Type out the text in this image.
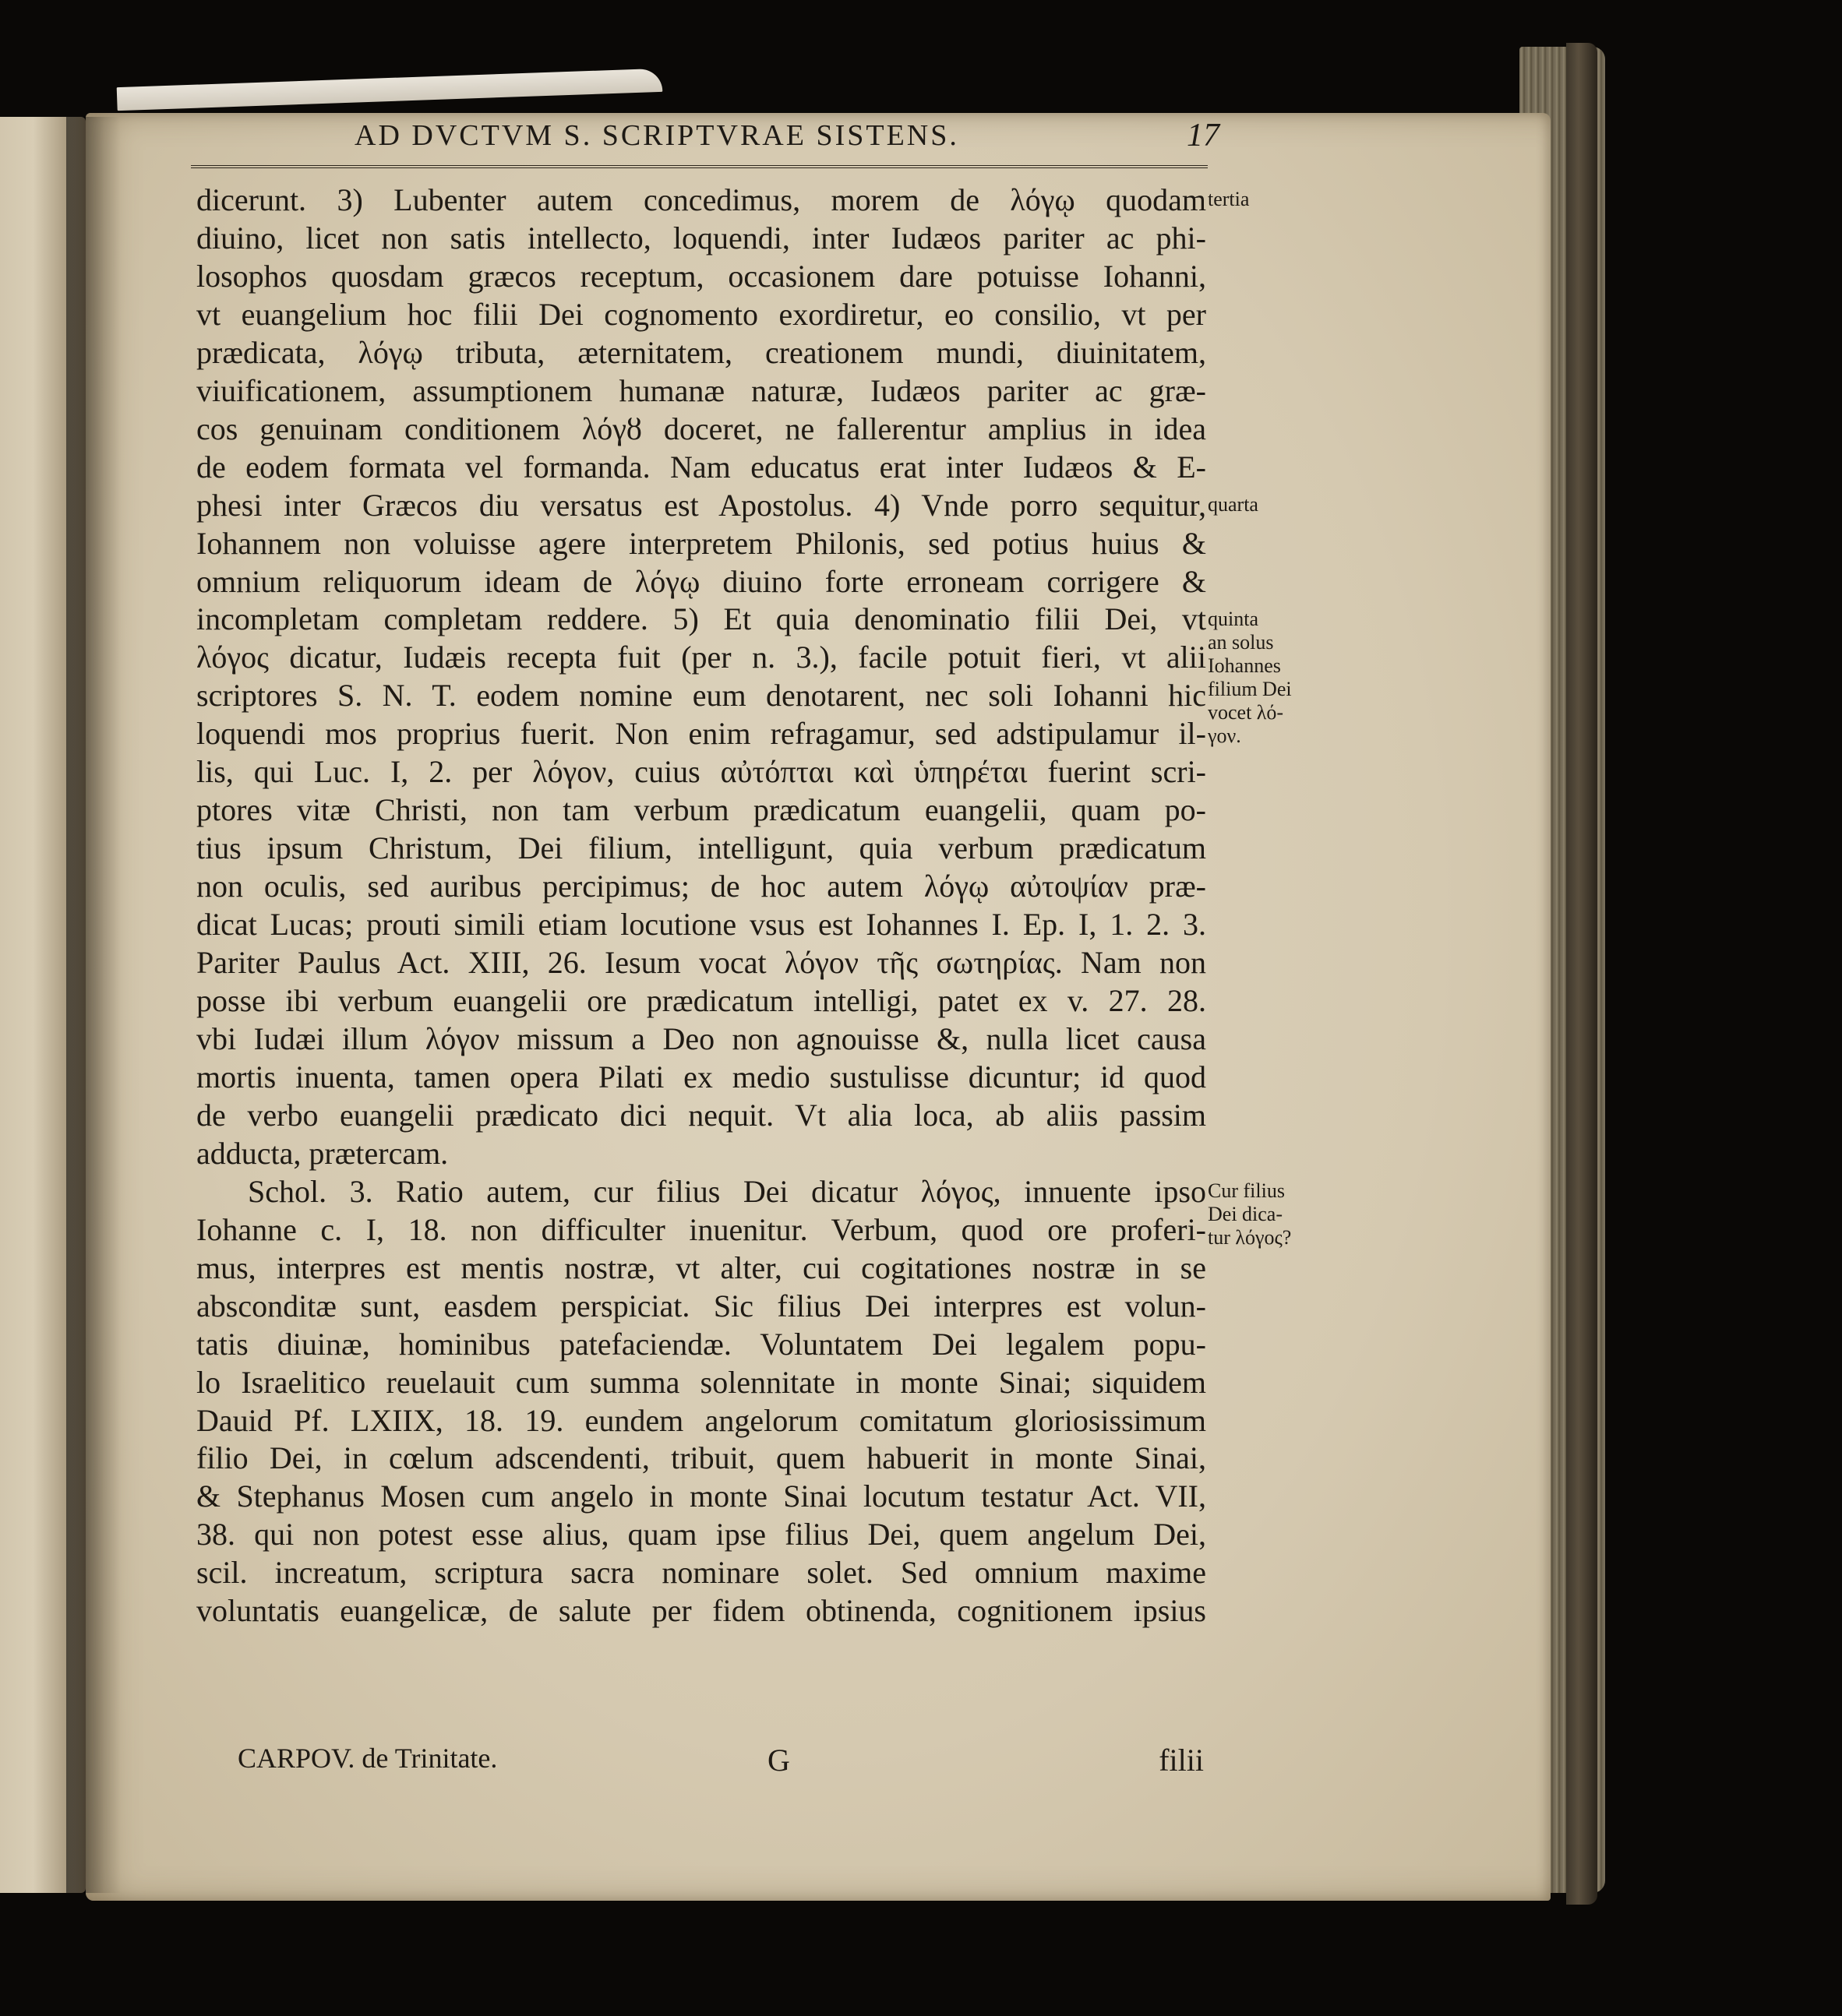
AD DVCTVM S. SCRIPTVRAE SISTENS.	17
dicerunt. 3) Lubenter autem concedimus, morem de λόγῳ quodam
diuino, licet non satis intellecto, loquendi, inter Iudæos pariter ac phi-
losophos quosdam græcos receptum, occasionem dare potuisse Iohanni,
vt euangelium hoc filii Dei cognomento exordiretur, eo consilio, vt per
prædicata, λόγῳ tributa, æternitatem, creationem mundi, diuinitatem,
viuificationem, assumptionem humanæ naturæ, Iudæos pariter ac græ-
cos genuinam conditionem λόγȣ doceret, ne fallerentur amplius in idea
de eodem formata vel formanda. Nam educatus erat inter Iudæos & E-
phesi inter Græcos diu versatus est Apostolus. 4) Vnde porro sequitur,
Iohannem non voluisse agere interpretem Philonis, sed potius huius &
omnium reliquorum ideam de λόγῳ diuino forte erroneam corrigere &
incompletam completam reddere. 5) Et quia denominatio filii Dei, vt
λόγος dicatur, Iudæis recepta fuit (per n. 3.), facile potuit fieri, vt alii
scriptores S. N. T. eodem nomine eum denotarent, nec soli Iohanni hic
loquendi mos proprius fuerit. Non enim refragamur, sed adstipulamur il-
lis, qui Luc. I, 2. per λόγον, cuius αὐτόπται καὶ ὑπηρέται fuerint scri-
ptores vitæ Christi, non tam verbum prædicatum euangelii, quam po-
tius ipsum Christum, Dei filium, intelligunt, quia verbum prædicatum
non oculis, sed auribus percipimus; de hoc autem λόγῳ αὐτοψίαν præ-
dicat Lucas; prouti simili etiam locutione vsus est Iohannes I. Ep. I, 1. 2. 3.
Pariter Paulus Act. XIII, 26. Iesum vocat λόγον τῆς σωτηρίας. Nam non
posse ibi verbum euangelii ore prædicatum intelligi, patet ex v. 27. 28.
vbi Iudæi illum λόγον missum a Deo non agnouisse &, nulla licet causa
mortis inuenta, tamen opera Pilati ex medio sustulisse dicuntur; id quod
de verbo euangelii prædicato dici nequit. Vt alia loca, ab aliis passim
adducta, prætercam.
Schol. 3. Ratio autem, cur filius Dei dicatur λόγος, innuente ipso
Iohanne c. I, 18. non difficulter inuenitur. Verbum, quod ore proferi-
mus, interpres est mentis nostræ, vt alter, cui cogitationes nostræ in se
absconditæ sunt, easdem perspiciat. Sic filius Dei interpres est volun-
tatis diuinæ, hominibus patefaciendæ. Voluntatem Dei legalem popu-
lo Israelitico reuelauit cum summa solennitate in monte Sinai; siquidem
Dauid Pf. LXIIX, 18. 19. eundem angelorum comitatum gloriosissimum
filio Dei, in cœlum adscendenti, tribuit, quem habuerit in monte Sinai,
& Stephanus Mosen cum angelo in monte Sinai locutum testatur Act. VII,
38. qui non potest esse alius, quam ipse filius Dei, quem angelum Dei,
scil. increatum, scriptura sacra nominare solet. Sed omnium maxime
voluntatis euangelicæ, de salute per fidem obtinenda, cognitionem ipsius
CARPOV. de Trinitate.	G	filii
tertia
quarta
quinta
an solus
Iohannes
filium Dei
vocet λό-
γον.
Cur filius
Dei dica-
tur λόγος?
